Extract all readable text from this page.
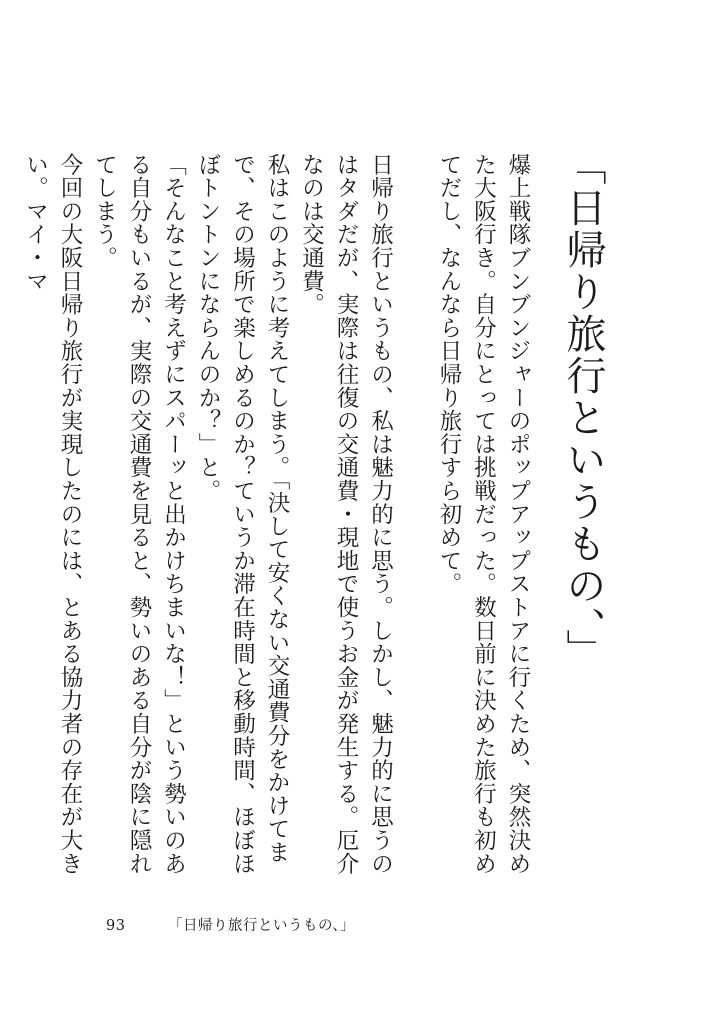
「日帰り旅行というもの、」

爆上戦隊ブンブンジャーのポップアップストアに行くため、突然決めた大阪行き。自分にとっては挑戦だった。数日前に決めた旅行も初めてだし、なんなら日帰り旅行すら初めて。

日帰り旅行というもの、私は魅力的に思う。しかし、魅力的に思うのはタダだが、実際は往復の交通費・現地で使うお金が発生する。厄介なのは交通費。

私はこのように考えてしまう。「決して安くない交通費分をかけてまで、その場所で楽しめるのか？ていうか滞在時間と移動時間、ほぼほぼトントンにならんのか？」と。

「そんなこと考えずにスパーッと出かけちまいな！」という勢いのある自分もいるが、実際の交通費を見ると、勢いのある自分が陰に隠れてしまう。

今回の大阪日帰り旅行が実現したのには、とある協力者の存在が大きい。マイ・マ

93	「日帰り旅行というもの、」
